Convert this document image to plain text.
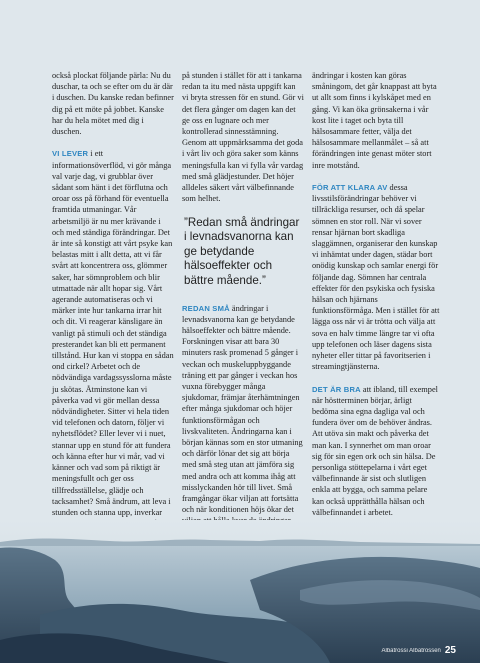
också plockat följande pärla: Nu du duschar, ta och se efter om du är där i duschen. Du kanske redan befinner dig på ett möte på jobbet. Kanske har du hela mötet med dig i duschen.

VI LEVER i ett informationsöverflöd, vi gör många val varje dag, vi grubblar över sådant som hänt i det förflutna och oroar oss på förhand för eventuella framtida utmaningar. Vår arbetsmiljö är nu mer krävande i och med ständiga förändringar. Det är inte så konstigt att vårt psyke kan belastas mitt i allt detta, att vi får svårt att koncentrera oss, glömmer saker, har sömnproblem och blir utmattade när allt hopar sig. Vårt agerande automatiseras och vi märker inte hur tankarna irrar hit och dit. Vi reagerar känsligare än vanligt på stimuli och det ständiga presterandet kan bli ett permanent tillstånd. Hur kan vi stoppa en sådan ond cirkel? Arbetet och de nödvändiga vardagssysslorna måste ju skötas. Åtminstone kan vi påverka vad vi gör mellan dessa nödvändigheter. Sitter vi hela tiden vid telefonen och datorn, följer vi nyhetsflödet? Eller lever vi i nuet, stannar upp en stund för att fundera och känna efter hur vi mår, vad vi känner och vad som på riktigt är meningsfullt och ger oss tillfredsställelse, glädje och tacksamhet? Små ändrum, att leva i stunden och stanna upp, inverkar

på stunden i stället för att i tankarna redan ta itu med nästa uppgift kan vi bryta stressen för en stund. Gör vi det flera gånger om dagen kan det ge oss en lugnare och mer kontrollerad sinnesstämning. Genom att uppmärksamma det goda i vårt liv och göra saker som känns meningsfulla kan vi fylla vår vardag med små glädjestunder. Det höjer alldeles säkert vårt välbefinnande som helhet.

”Redan små ändringar i levnadsvanorna kan ge betydande hälsoeffekter och bättre mående.”

REDAN SMÅ ändringar i levnadsvanorna kan ge betydande hälsoeffekter och bättre mående. Forskningen visar att bara 30 minuters rask promenad 5 gånger i veckan och muskeluppbyggande träning ett par gånger i veckan hos vuxna förebygger många sjukdomar, främjar återhämtningen efter många sjukdomar och höjer funktionsförmågan och livskvaliteten. Ändringarna kan i början kännas som en stor utmaning och därför lönar det sig att börja med små steg utan att jämföra sig med andra och att komma ihåg att misslyckanden hör till livet. Små framgångar ökar viljan att fortsätta och när konditionen höjs ökar det

ändringar i kosten kan göras småningom, det går knappast att byta ut allt som finns i kylskåpet med en gång. Vi kan öka grönsakerna i vår kost lite i taget och byta till hälsosammare fetter, välja det hälsosammare mellanmålet – så att förändringen inte genast möter stort inre motstånd.

FÖR ATT KLARA AV dessa livsstilsförändringar behöver vi tillräckliga resurser, och då spelar sömnen en stor roll. När vi sover rensar hjärnan bort skadliga slaggämnen, organiserar den kunskap vi inhämtat under dagen, städar bort onödig kunskap och samlar energi för följande dag. Sömnen har centrala effekter för den psykiska och fysiska hälsan och hjärnans funktionsförmåga. Men i stället för att lägga oss när vi är trötta och välja att sova en halv timme längre tar vi ofta upp telefonen och läser dagens sista nyheter eller tittar på favoritserien i streamingtjänsterna.

DET ÄR BRA att ibland, till exempel när höstterminen börjar, ärligt bedöma sina egna dagliga val och fundera över om de behöver ändras. Att utöva sin makt och påverka det man kan. I synnerhet om man oroar sig för sin egen ork och sin hälsa. De personliga stöttepelarna i vårt eget välbefinnande är sist och slutligen enkla att bygga, och samma pelare kan också upprätthålla hälsan och välbefinnandet i arbetet.

Albatrossi Albatrossen 25
